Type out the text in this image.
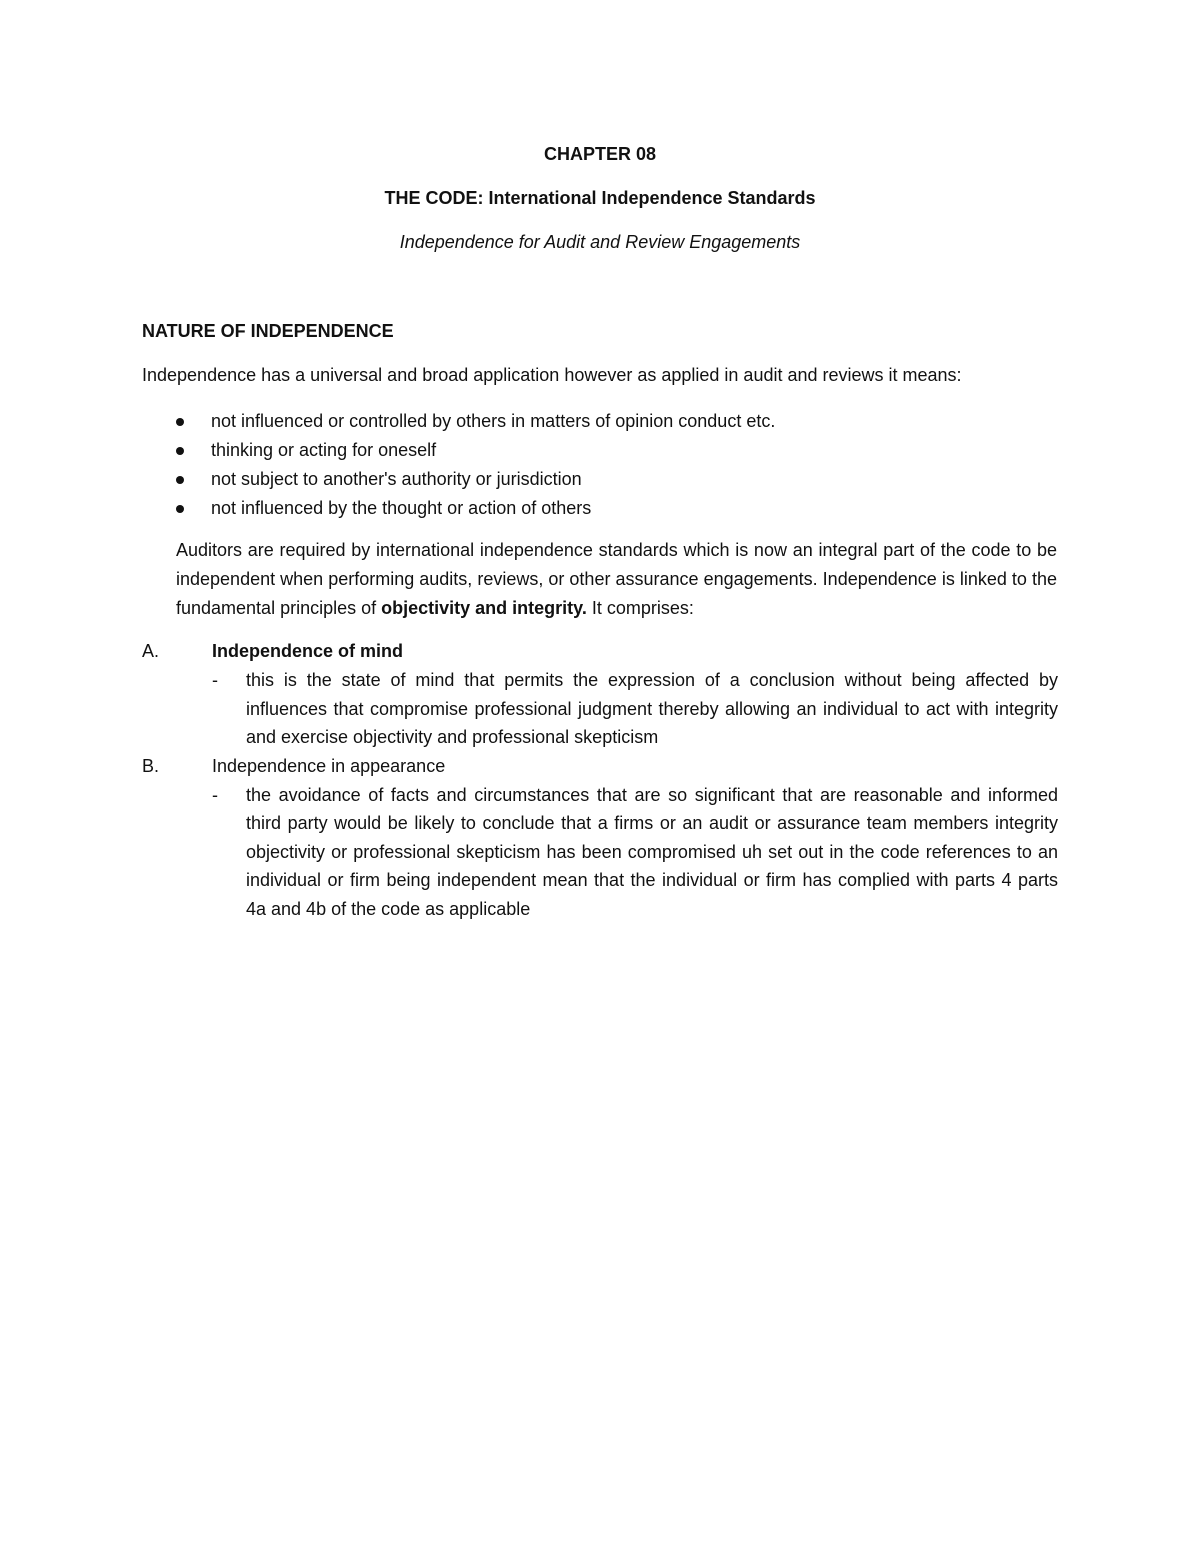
CHAPTER 08

THE CODE: International Independence Standards

Independence for Audit and Review Engagements

NATURE OF INDEPENDENCE

Independence has a universal and broad application however as applied in audit and reviews it means:

not influenced or controlled by others in matters of opinion conduct etc.
thinking or acting for oneself
not subject to another's authority or jurisdiction
not influenced by the thought or action of others

Auditors are required by international independence standards which is now an integral part of the code to be independent when performing audits, reviews, or other assurance engagements. Independence is linked to the fundamental principles of objectivity and integrity. It comprises:

A.	Independence of mind
- this is the state of mind that permits the expression of a conclusion without being affected by influences that compromise professional judgment thereby allowing an individual to act with integrity and exercise objectivity and professional skepticism
B.	Independence in appearance
- the avoidance of facts and circumstances that are so significant that are reasonable and informed third party would be likely to conclude that a firms or an audit or assurance team members integrity objectivity or professional skepticism has been compromised uh set out in the code references to an individual or firm being independent mean that the individual or firm has complied with parts 4 parts 4a and 4b of the code as applicable
